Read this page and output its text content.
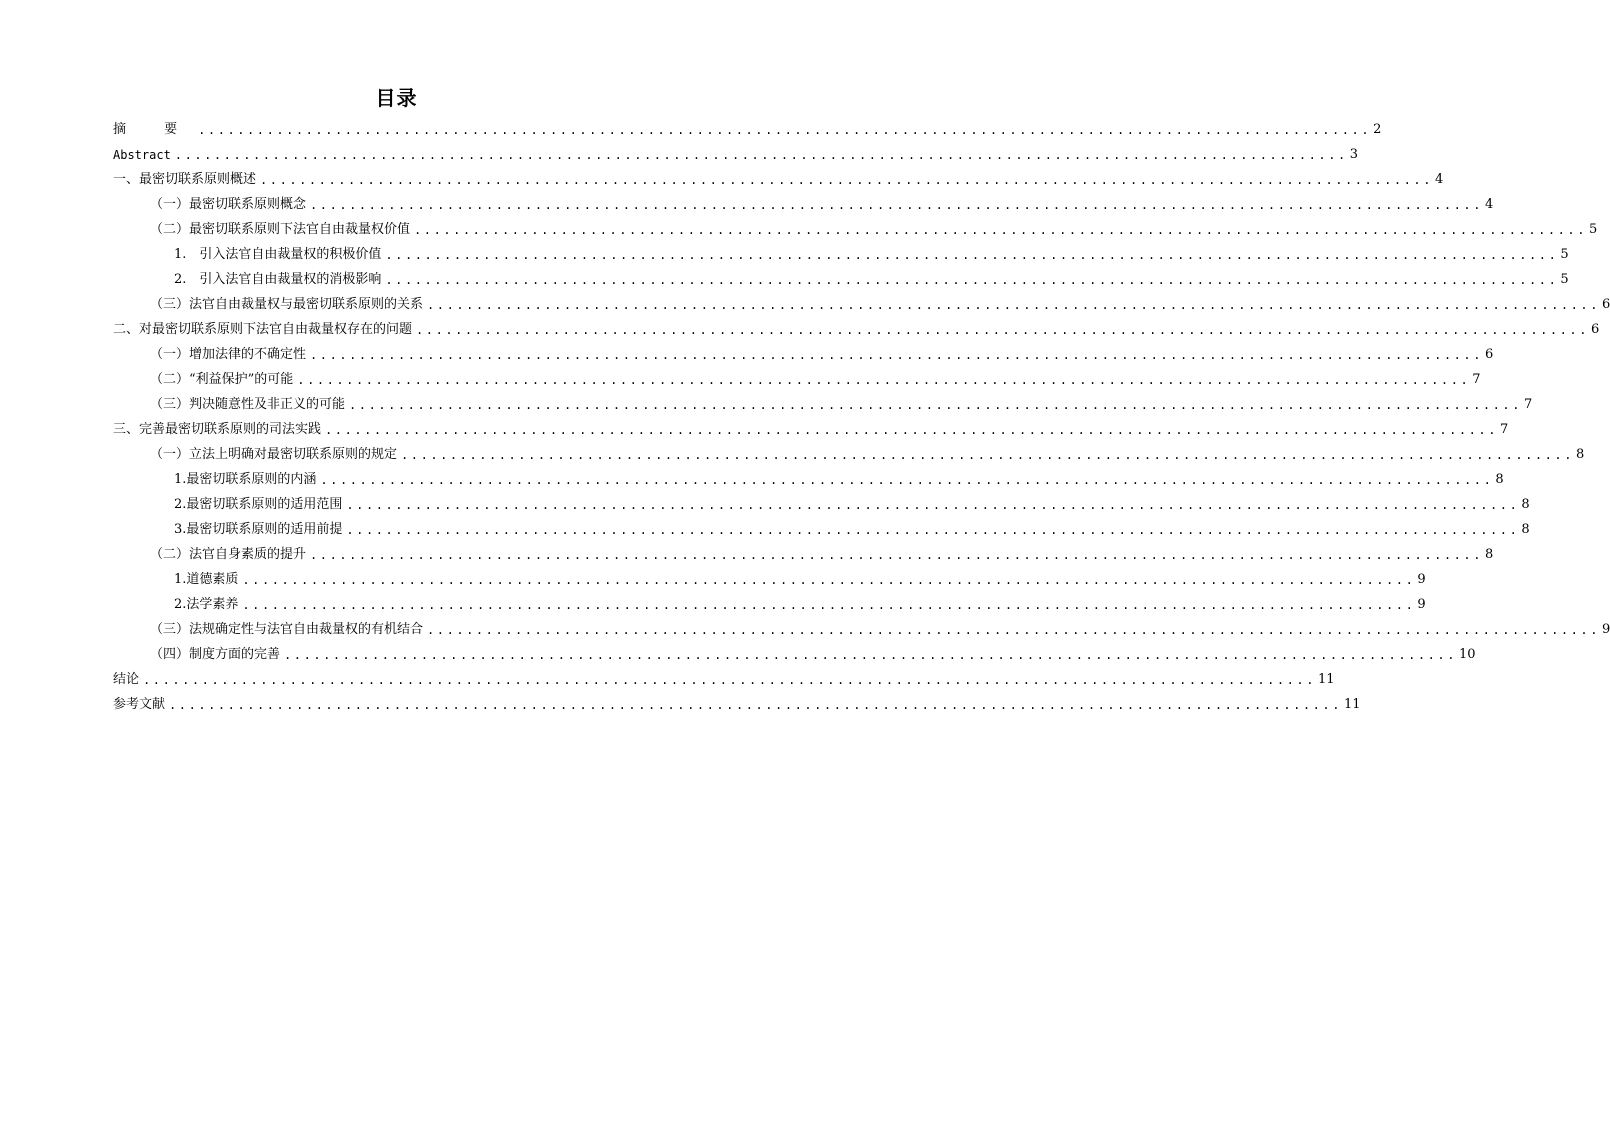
目录
摘 要 ........................................................................................................................ 2
Abstract ........................................................................................................................ 3
一、最密切联系原则概述 ........................................................................................................................ 4
（一）最密切联系原则概念 ........................................................................................................................ 4
（二）最密切联系原则下法官自由裁量权价值 ........................................................................................................................ 5
1.　引入法官自由裁量权的积极价值 ........................................................................................................................ 5
2.　引入法官自由裁量权的消极影响 ........................................................................................................................ 5
（三）法官自由裁量权与最密切联系原则的关系 ........................................................................................................................ 6
二、对最密切联系原则下法官自由裁量权存在的问题 ........................................................................................................................ 6
（一）增加法律的不确定性 ........................................................................................................................ 6
（二）“利益保护”的可能 ........................................................................................................................ 7
（三）判决随意性及非正义的可能 ........................................................................................................................ 7
三、完善最密切联系原则的司法实践 ........................................................................................................................ 7
（一）立法上明确对最密切联系原则的规定 ........................................................................................................................ 8
1.最密切联系原则的内涵 ........................................................................................................................ 8
2.最密切联系原则的适用范围 ........................................................................................................................ 8
3.最密切联系原则的适用前提 ........................................................................................................................ 8
（二）法官自身素质的提升 ........................................................................................................................ 8
1.道德素质 ........................................................................................................................ 9
2.法学素养 ........................................................................................................................ 9
（三）法规确定性与法官自由裁量权的有机结合 ........................................................................................................................ 9
（四）制度方面的完善 ........................................................................................................................ 10
结论 ........................................................................................................................ 11
参考文献 ........................................................................................................................ 11
